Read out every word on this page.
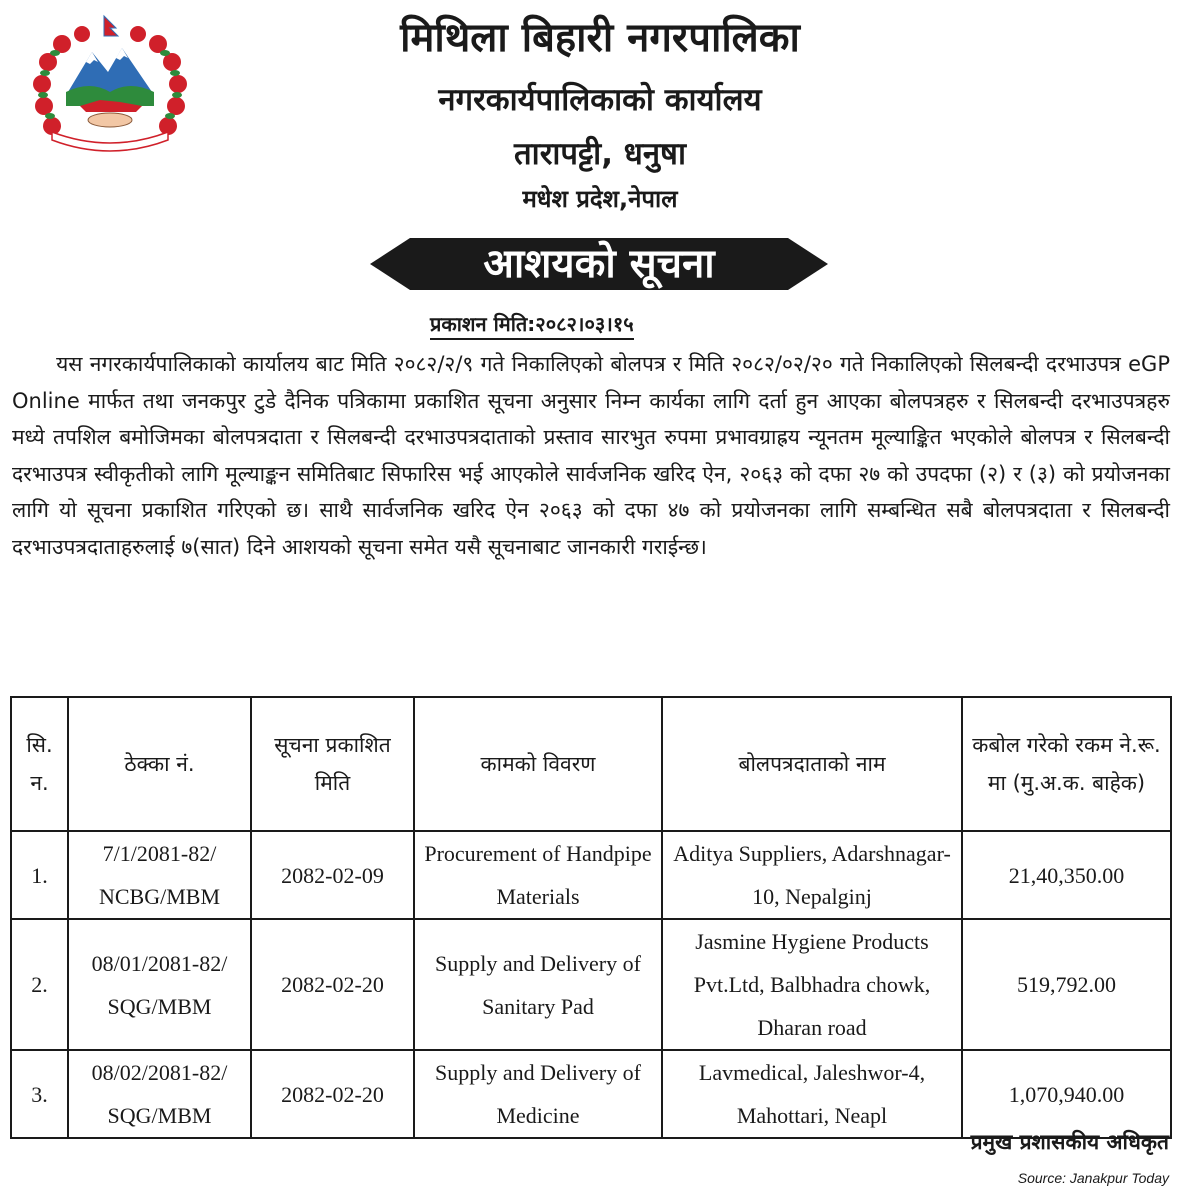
मिथिला बिहारी नगरपालिका
नगरकार्यपालिकाको कार्यालय
तारापट्टी, धनुषा
मधेश प्रदेश,नेपाल
आशयको सूचना
प्रकाशन मिति:२०८२।०३।१५
यस नगरकार्यपालिकाको कार्यालय बाट मिति २०८२/२/९ गते निकालिएको बोलपत्र र मिति २०८२/०२/२० गते निकालिएको सिलबन्दी दरभाउपत्र eGP Online मार्फत तथा जनकपुर टुडे दैनिक पत्रिकामा प्रकाशित सूचना अनुसार निम्न कार्यका लागि दर्ता हुन आएका बोलपत्रहरु र सिलबन्दी दरभाउपत्रहरु मध्ये तपशिल बमोजिमका बोलपत्रदाता र सिलबन्दी दरभाउपत्रदाताको प्रस्ताव सारभुत रुपमा प्रभावग्राह्रय न्यूनतम मूल्याङ्कित भएकोले बोलपत्र र सिलबन्दी दरभाउपत्र स्वीकृतीको लागि मूल्याङ्कन समितिबाट सिफारिस भई आएकोले सार्वजनिक खरिद ऐन, २०६३ को दफा २७ को उपदफा (२) र (३) को प्रयोजनका लागि यो सूचना प्रकाशित गरिएको छ। साथै सार्वजनिक खरिद ऐन २०६३ को दफा ४७ को प्रयोजनका लागि सम्बन्धित सबै बोलपत्रदाता र सिलबन्दी दरभाउपत्रदाताहरुलाई ७(सात) दिने आशयको सूचना समेत यसै सूचनाबाट जानकारी गराईन्छ।
सि. न.	ठेक्का नं.	सूचना प्रकाशित मिति	कामको विवरण	बोलपत्रदाताको नाम	कबोल गरेको रकम ने.रू. मा (मु.अ.क. बाहेक)
1.	7/1/2081-82/ NCBG/MBM	2082-02-09	Procurement of Handpipe Materials	Aditya Suppliers, Adarshnagar-10, Nepalginj	21,40,350.00
2.	08/01/2081-82/ SQG/MBM	2082-02-20	Supply and Delivery of Sanitary Pad	Jasmine Hygiene Products Pvt.Ltd, Balbhadra chowk, Dharan road	519,792.00
3.	08/02/2081-82/ SQG/MBM	2082-02-20	Supply and Delivery of Medicine	Lavmedical, Jaleshwor-4, Mahottari, Neapl	1,070,940.00
प्रमुख प्रशासकीय अधिकृत
Source: Janakpur Today
